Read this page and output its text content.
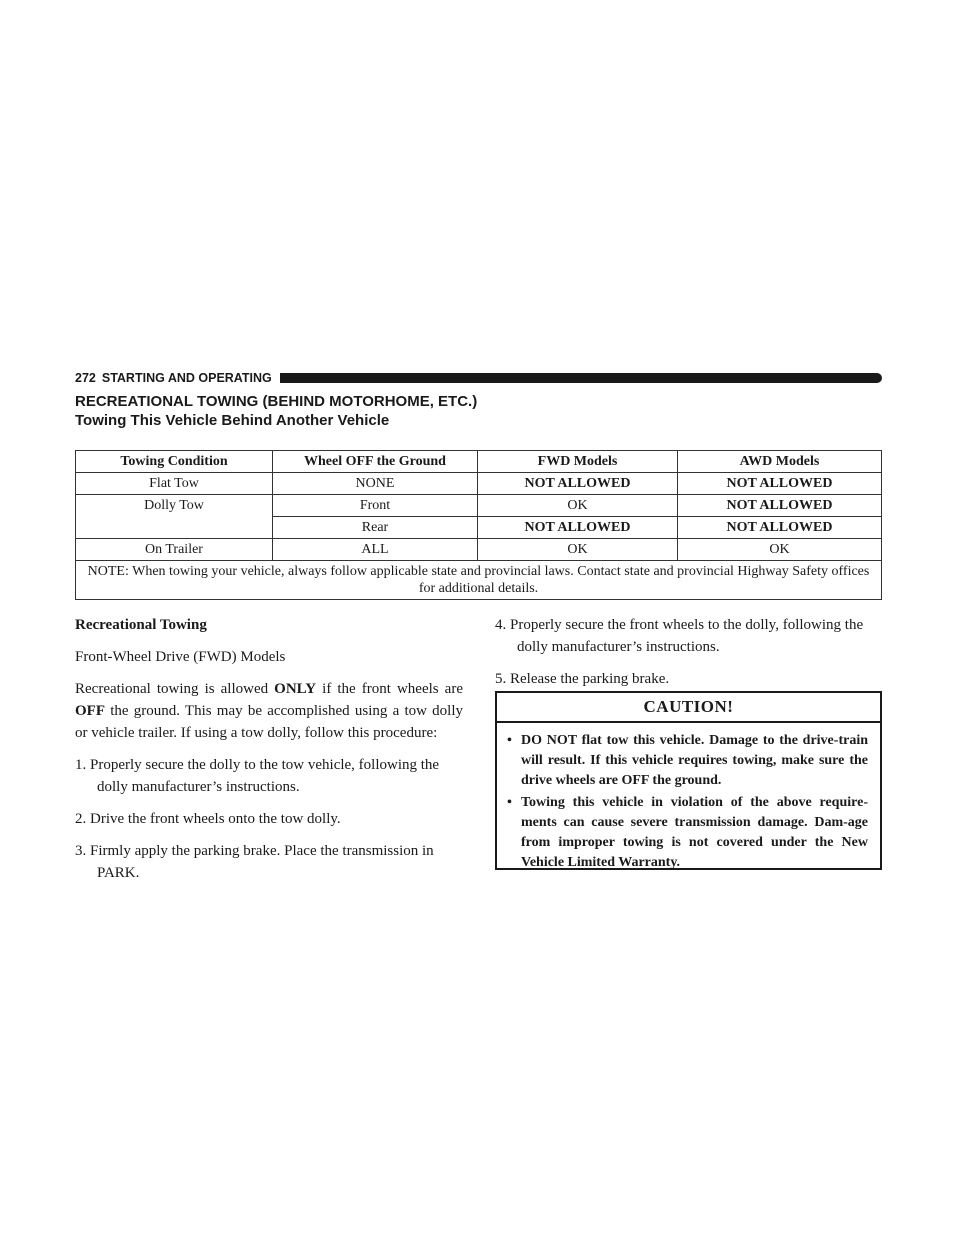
272 STARTING AND OPERATING
RECREATIONAL TOWING (BEHIND MOTORHOME, ETC.)
Towing This Vehicle Behind Another Vehicle
Towing Condition	Wheel OFF the Ground	FWD Models	AWD Models
Flat Tow	NONE	NOT ALLOWED	NOT ALLOWED
Dolly Tow	Front	OK	NOT ALLOWED
	Rear	NOT ALLOWED	NOT ALLOWED
On Trailer	ALL	OK	OK
NOTE: When towing your vehicle, always follow applicable state and provincial laws. Contact state and provincial Highway Safety offices for additional details.			

Recreational Towing

Front-Wheel Drive (FWD) Models

Recreational towing is allowed ONLY if the front wheels are OFF the ground. This may be accomplished using a tow dolly or vehicle trailer. If using a tow dolly, follow this procedure:

1. Properly secure the dolly to the tow vehicle, following the dolly manufacturer’s instructions.

2. Drive the front wheels onto the tow dolly.

3. Firmly apply the parking brake. Place the transmission in PARK.

4. Properly secure the front wheels to the dolly, following the dolly manufacturer’s instructions.

5. Release the parking brake.

CAUTION!
• DO NOT flat tow this vehicle. Damage to the drive-train will result. If this vehicle requires towing, make sure the drive wheels are OFF the ground.
• Towing this vehicle in violation of the above require-ments can cause severe transmission damage. Dam-age from improper towing is not covered under the New Vehicle Limited Warranty.
